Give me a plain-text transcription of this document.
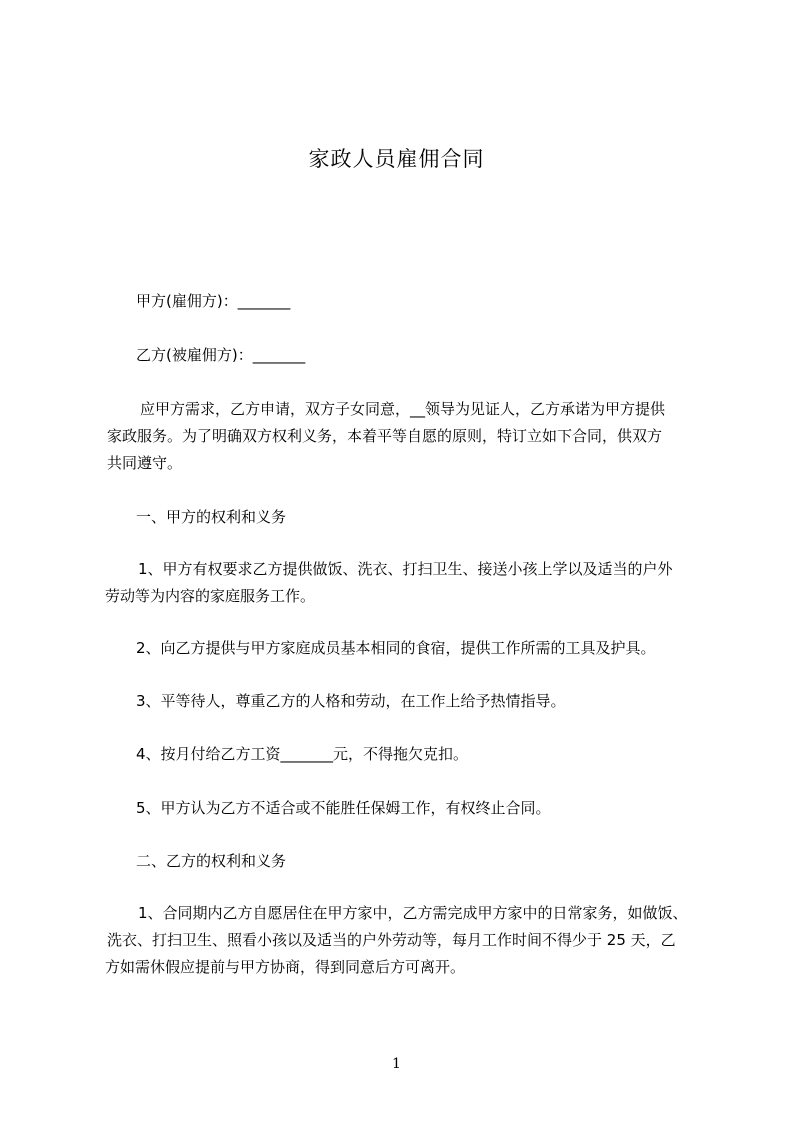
家政人员雇佣合同
甲方(雇佣方)：_______
乙方(被雇佣方)：_______
应甲方需求，乙方申请，双方子女同意，__领导为见证人，乙方承诺为甲方提供
家政服务。为了明确双方权利义务，本着平等自愿的原则，特订立如下合同，供双方
共同遵守。
一、甲方的权利和义务
1、甲方有权要求乙方提供做饭、洗衣、打扫卫生、接送小孩上学以及适当的户外
劳动等为内容的家庭服务工作。
2、向乙方提供与甲方家庭成员基本相同的食宿，提供工作所需的工具及护具。
3、平等待人，尊重乙方的人格和劳动，在工作上给予热情指导。
4、按月付给乙方工资_______元，不得拖欠克扣。
5、甲方认为乙方不适合或不能胜任保姆工作，有权终止合同。
二、乙方的权利和义务
1、合同期内乙方自愿居住在甲方家中，乙方需完成甲方家中的日常家务，如做饭、
洗衣、打扫卫生、照看小孩以及适当的户外劳动等，每月工作时间不得少于 25 天，乙
方如需休假应提前与甲方协商，得到同意后方可离开。
1
